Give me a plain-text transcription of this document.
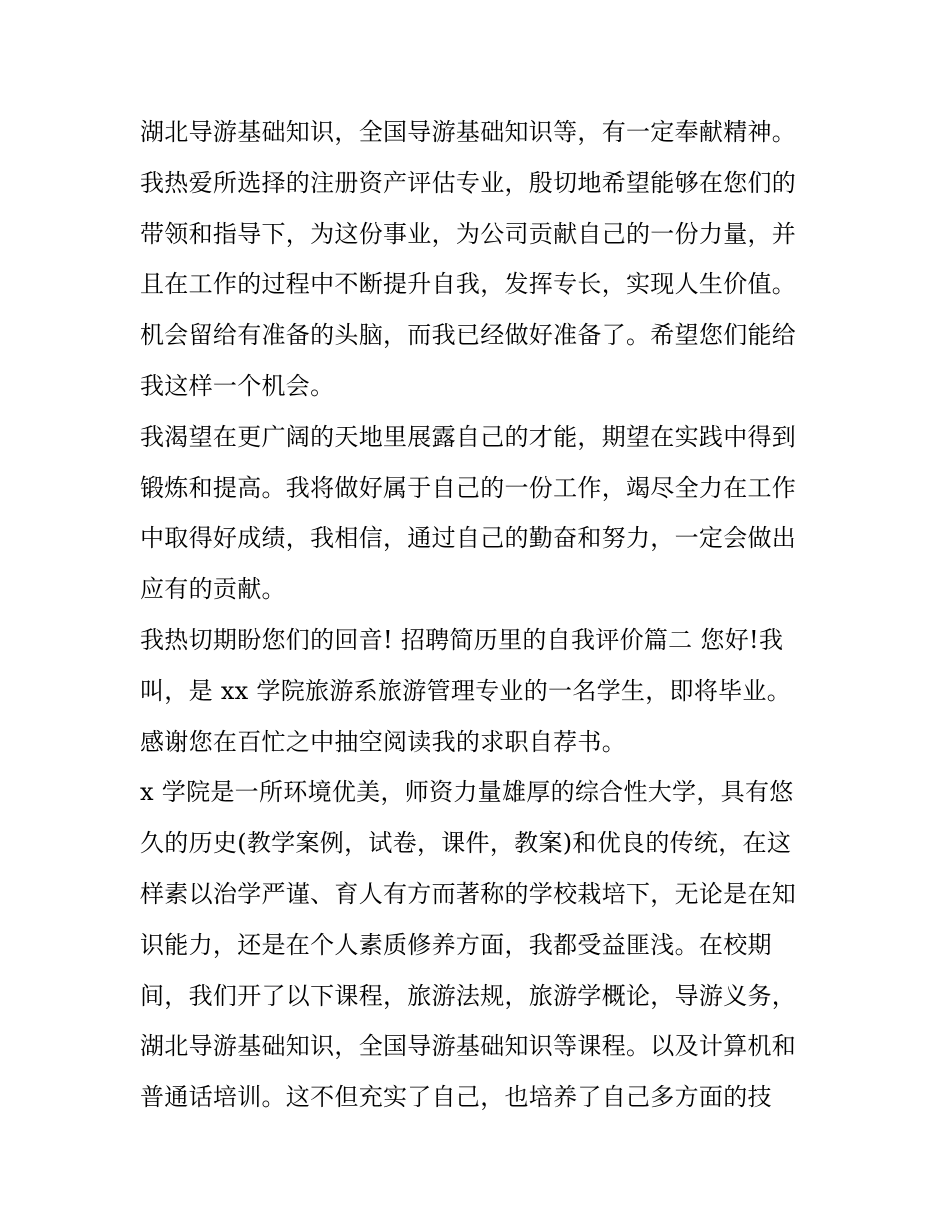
湖北导游基础知识，全国导游基础知识等，有一定奉献精神。
我热爱所选择的注册资产评估专业，殷切地希望能够在您们的
带领和指导下，为这份事业，为公司贡献自己的一份力量，并
且在工作的过程中不断提升自我，发挥专长，实现人生价值。
机会留给有准备的头脑，而我已经做好准备了。希望您们能给
我这样一个机会。
我渴望在更广阔的天地里展露自己的才能，期望在实践中得到
锻炼和提高。我将做好属于自己的一份工作，竭尽全力在工作
中取得好成绩，我相信，通过自己的勤奋和努力，一定会做出
应有的贡献。
我热切期盼您们的回音! 招聘简历里的自我评价篇二 您好!我
叫，是 xx 学院旅游系旅游管理专业的一名学生，即将毕业。
感谢您在百忙之中抽空阅读我的求职自荐书。
x 学院是一所环境优美，师资力量雄厚的综合性大学，具有悠
久的历史(教学案例，试卷，课件，教案)和优良的传统，在这
样素以治学严谨、育人有方而著称的学校栽培下，无论是在知
识能力，还是在个人素质修养方面，我都受益匪浅。在校期
间，我们开了以下课程，旅游法规，旅游学概论，导游义务，
湖北导游基础知识，全国导游基础知识等课程。以及计算机和
普通话培训。这不但充实了自己，也培养了自己多方面的技
